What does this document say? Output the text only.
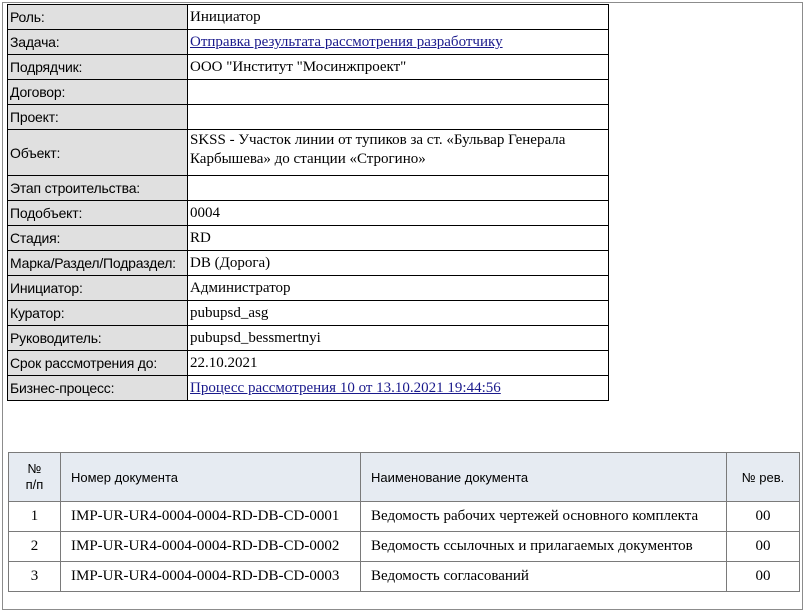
Роль:	Инициатор
Задача:	Отправка результата рассмотрения разработчику
Подрядчик:	ООО "Институт "Мосинжпроект"
Договор:	
Проект:	
Объект:	SKSS - Участок линии от тупиков за ст. «Бульвар Генерала Карбышева» до станции «Строгино»
Этап строительства:	
Подобъект:	0004
Стадия:	RD
Марка/Раздел/Подраздел:	DB (Дорога)
Инициатор:	Администратор
Куратор:	pubupsd_asg
Руководитель:	pubupsd_bessmertnyi
Срок рассмотрения до:	22.10.2021
Бизнес-процесс:	Процесс рассмотрения 10 от 13.10.2021 19:44:56
№
п/п	Номер документа	Наименование документа	№ рев.
1	IMP-UR-UR4-0004-0004-RD-DB-CD-0001	Ведомость рабочих чертежей основного комплекта	00
2	IMP-UR-UR4-0004-0004-RD-DB-CD-0002	Ведомость ссылочных и прилагаемых документов	00
3	IMP-UR-UR4-0004-0004-RD-DB-CD-0003	Ведомость согласований	00
